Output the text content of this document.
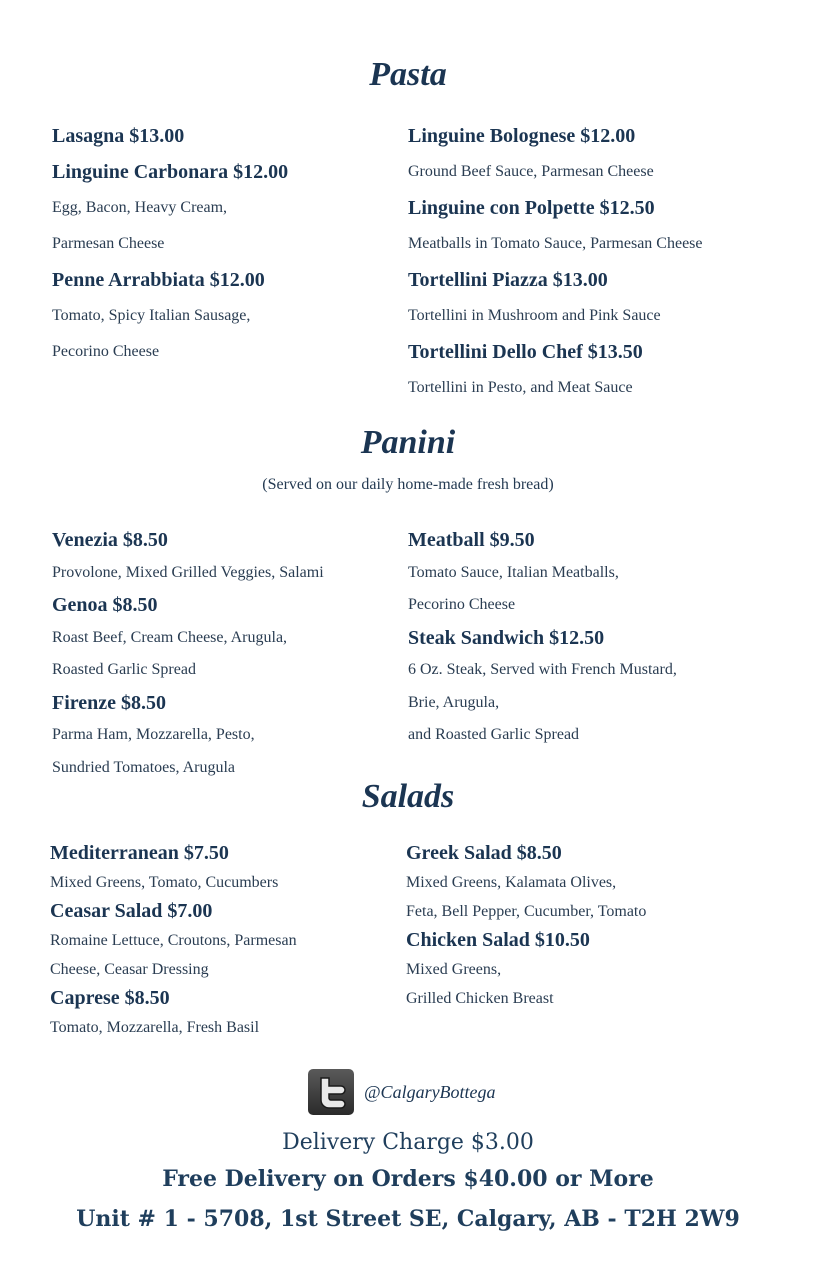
Pasta
Lasagna $13.00
Linguine Carbonara $12.00
Egg, Bacon, Heavy Cream,
Parmesan Cheese
Penne Arrabbiata $12.00
Tomato, Spicy Italian Sausage,
Pecorino Cheese
Linguine Bolognese $12.00
Ground Beef Sauce, Parmesan Cheese
Linguine con Polpette $12.50
Meatballs in Tomato Sauce, Parmesan Cheese
Tortellini Piazza $13.00
Tortellini in Mushroom and Pink Sauce
Tortellini Dello Chef $13.50
Tortellini in Pesto, and Meat Sauce
Panini
(Served on our daily home-made fresh bread)
Venezia $8.50
Provolone, Mixed Grilled Veggies, Salami
Genoa $8.50
Roast Beef, Cream Cheese, Arugula,
Roasted Garlic Spread
Firenze $8.50
Parma Ham, Mozzarella, Pesto,
Sundried Tomatoes, Arugula
Meatball $9.50
Tomato Sauce, Italian Meatballs,
Pecorino Cheese
Steak Sandwich $12.50
6 Oz. Steak, Served with French Mustard,
Brie, Arugula,
and Roasted Garlic Spread
Salads
Mediterranean $7.50
Mixed Greens, Tomato, Cucumbers
Ceasar Salad $7.00
Romaine Lettuce, Croutons, Parmesan
Cheese, Ceasar Dressing
Caprese $8.50
Tomato, Mozzarella, Fresh Basil
Greek Salad $8.50
Mixed Greens, Kalamata Olives,
Feta, Bell Pepper, Cucumber, Tomato
Chicken Salad $10.50
Mixed Greens,
Grilled Chicken Breast
@CalgaryBottega
Delivery Charge $3.00
Free Delivery on Orders $40.00 or More
Unit # 1 - 5708, 1st Street SE, Calgary, AB - T2H 2W9
